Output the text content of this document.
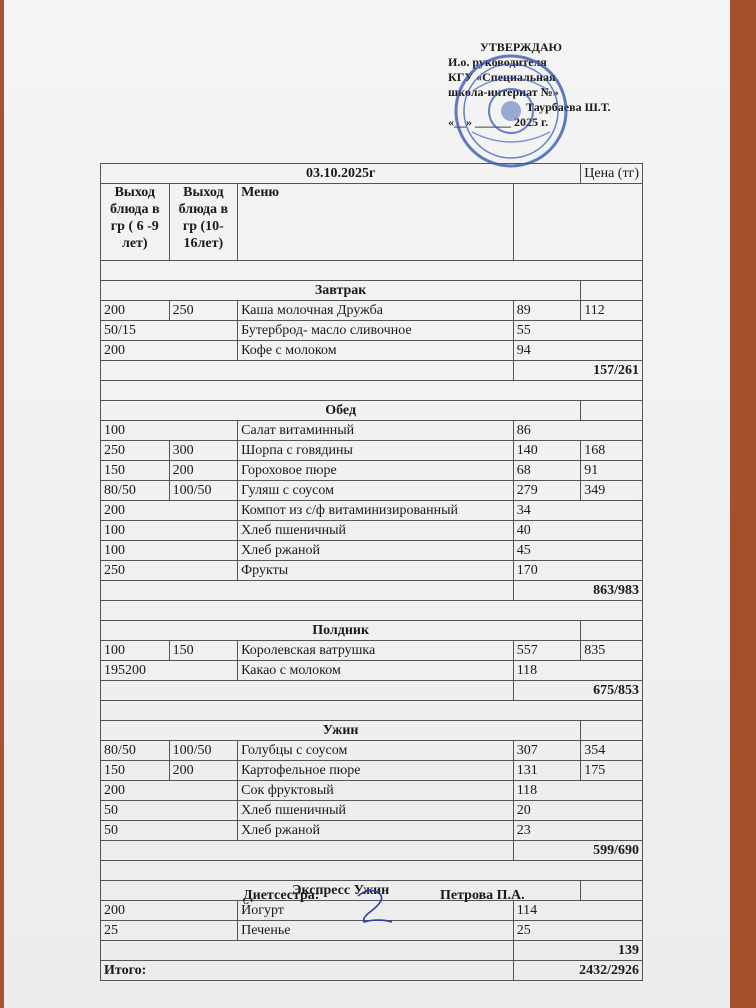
УТВЕРЖДАЮ
И.о. руководителя
КГУ «Специальная
школа-интернат №»
Таурбаева Ш.Т.
«__» ______ 2025 г.
03.10.2025г				Цена (тг)
Выход блюда в гр ( 6 -9 лет)	Выход блюда в гр (10-16лет)	Меню		

Завтрак				
200	250	Каша молочная Дружба	89	112
50/15		Бутерброд- масло сливочное	55	
200		Кофе с молоком	94	
			157/261	

Обед				
100		Салат витаминный	86	
250	300	Шорпа с говядины	140	168
150	200	Гороховое пюре	68	91
80/50	100/50	Гуляш с соусом	279	349
200		Компот из с/ф витаминизированный	34	
100		Хлеб пшеничный	40	
100		Хлеб ржаной	45	
250		Фрукты	170	
			863/983	

Полдник				
100	150	Королевская ватрушка	557	835
195200		Какао с молоком	118	
			675/853	

Ужин				
80/50	100/50	Голубцы с соусом	307	354
150	200	Картофельное пюре	131	175
200		Сок фруктовый	118	
50		Хлеб пшеничный	20	
50		Хлеб ржаной	23	
			599/690	

Экспресс Ужин				
200		Йогурт	114	
25		Печенье	25	
			139	
Итого:			2432/2926	
Диетсестра:	Петрова П.А.
